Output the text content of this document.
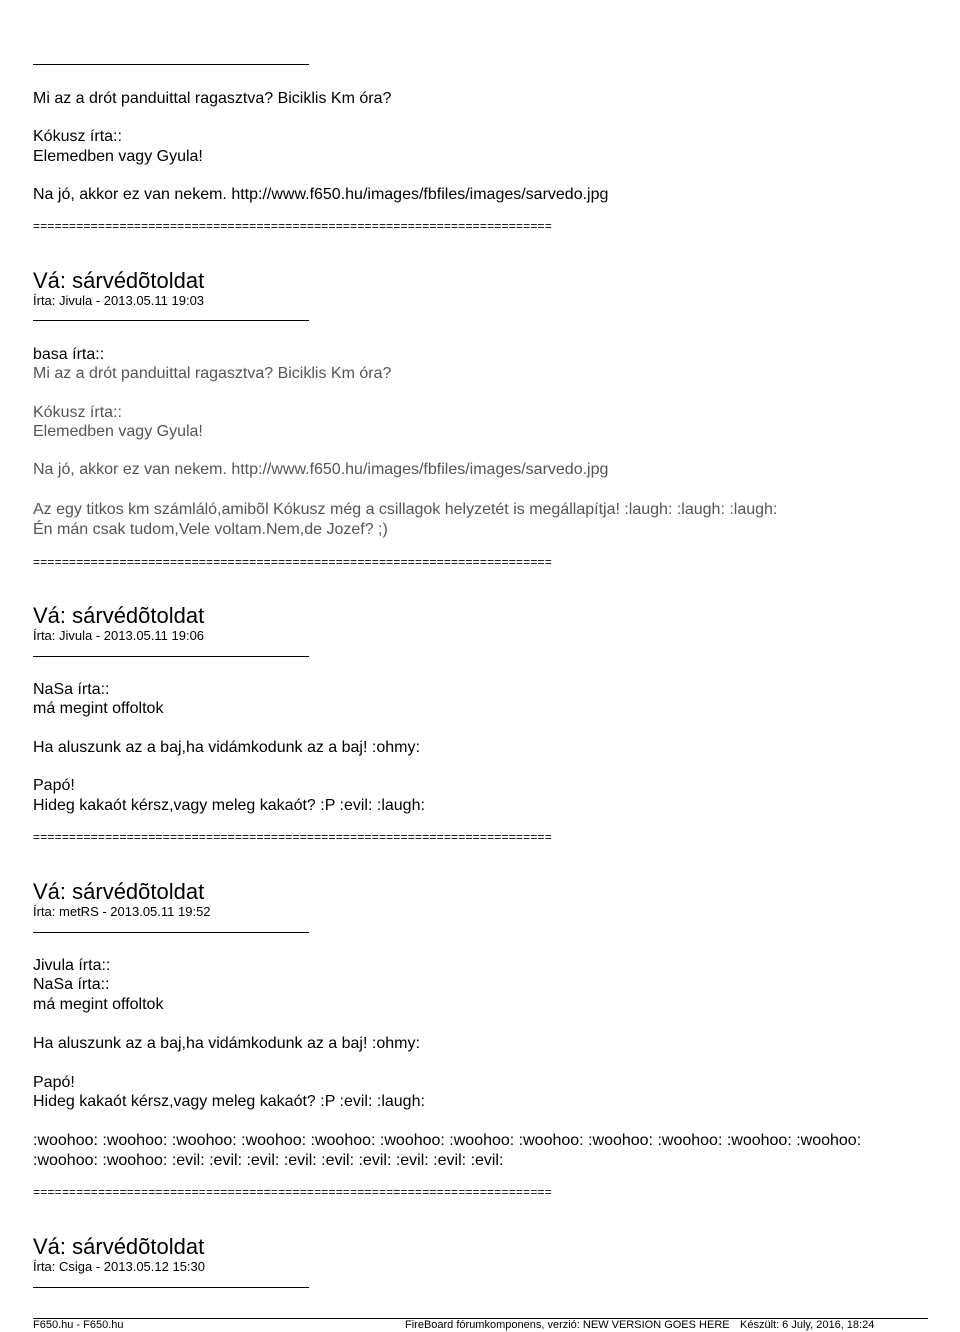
Mi az a drót panduittal ragasztva? Biciklis Km óra?
Kókusz írta::
Elemedben vagy Gyula!
Na jó, akkor ez van nekem. http://www.f650.hu/images/fbfiles/images/sarvedo.jpg
========================================================================
Vá: sárvédõtoldat
Írta: Jivula - 2013.05.11 19:03
basa írta::
Mi az a drót panduittal ragasztva? Biciklis Km óra?
Kókusz írta::
Elemedben vagy Gyula!
Na jó, akkor ez van nekem. http://www.f650.hu/images/fbfiles/images/sarvedo.jpg
Az egy titkos km számláló,amibõl Kókusz még a csillagok helyzetét is megállapítja! :laugh: :laugh: :laugh:
Én mán csak tudom,Vele voltam.Nem,de Jozef? ;)
========================================================================
Vá: sárvédõtoldat
Írta: Jivula - 2013.05.11 19:06
NaSa írta::
má megint offoltok
Ha aluszunk az a baj,ha vidámkodunk az a baj! :ohmy:
Papó!
Hideg kakaót kérsz,vagy meleg kakaót? :P :evil: :laugh:
========================================================================
Vá: sárvédõtoldat
Írta: metRS - 2013.05.11 19:52
Jivula írta::
NaSa írta::
má megint offoltok
Ha aluszunk az a baj,ha vidámkodunk az a baj! :ohmy:
Papó!
Hideg kakaót kérsz,vagy meleg kakaót? :P :evil: :laugh:
:woohoo: :woohoo: :woohoo: :woohoo: :woohoo: :woohoo: :woohoo: :woohoo: :woohoo: :woohoo: :woohoo: :woohoo:
:woohoo: :woohoo: :evil: :evil: :evil: :evil: :evil: :evil: :evil: :evil: :evil:
========================================================================
Vá: sárvédõtoldat
Írta: Csiga - 2013.05.12 15:30
F650.hu - F650.hu	FireBoard fórumkomponens, verzió: NEW VERSION GOES HERE Készült: 6 July, 2016, 18:24
